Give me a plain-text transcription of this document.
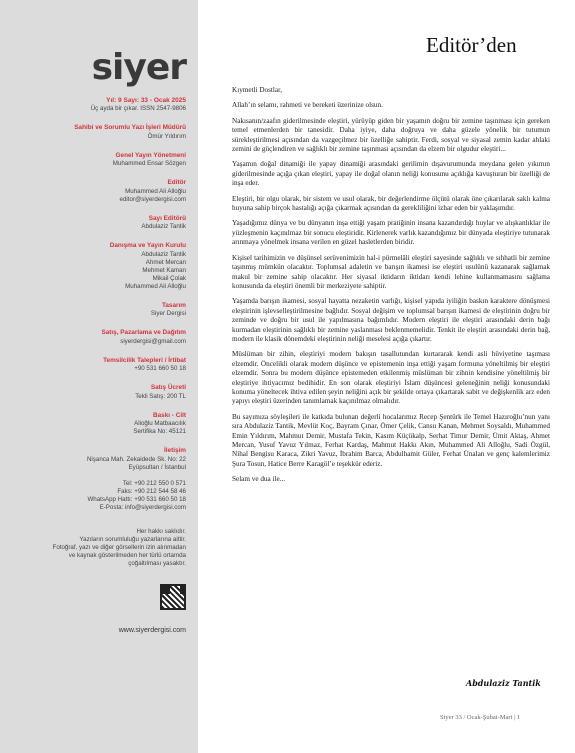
siyer
Yıl: 9 Sayı: 33 - Ocak 2025
Üç ayda bir çıkar. ISSN 2547-9806
Sahibi ve Sorumlu Yazı İşleri Müdürü
Ömür Yıldırım
Genel Yayın Yönetmeni
Muhammed Ensar Sözgen
Editör
Muhammed Ali Alloğlu
editor@siyerdergisi.com
Sayı Editörü
Abdulaziz Tantik
Danışma ve Yayın Kurulu
Abdulaziz Tantik
Ahmet Mercan
Mehmet Kaman
Mikail Çolak
Muhammed Ali Alloğlu
Tasarım
Siyer Dergisi
Satış, Pazarlama ve Dağıtım
siyerdergisi@gmail.com
Temsilcilik Talepleri / İrtibat
+90 531 660 50 18
Satış Ücreti
Tekli Satış: 200 TL
Baskı - Cilt
Alioğlu Matbaacılık
Sertifika No: 45121
İletişim
Nişanca Mah. Zekaidede Sk. No: 22
Eyüpsultan / İstanbul

Tel: +90 212 550 0 571
Faks: +90 212 544 58 46
WhatsApp Hattı: +90 531 660 50 18
E-Posta: info@siyerdergisi.com
Her hakkı saklıdır.
Yazıların sorumluluğu yazarlarına aittir.
Fotoğraf, yazı ve diğer görsellerin izin alınmadan
ve kaynak gösterilmeden her türlü ortamda
çoğaltılması yasaktır.
www.siyerdergisi.com
Editör’den

Kıymetli Dostlar,

Allah’ın selamı, rahmeti ve bereketi üzerinize olsun.

Nakısanın/zaafın giderilmesinde eleştiri, yürüyüp giden bir yaşamın doğru bir zemine taşınması için gereken temel etmenlerden bir tanesidir. Daha iyiye, daha doğruya ve daha güzele yönelik bir tutumun sürekleştirilmesi açısından da vazgeçilmez bir özelliğe sahiptir. Ferdi, sosyal ve siyasal zemin kadar ahlaki zemini de güçlendiren ve sağlıklı bir zemine taşınması açısından da elzem bir olgudur eleştiri...

Yaşamın doğal dinamiği ile yapay dinamiği arasındaki gerilimin dışavurumunda meydana gelen yıkımın giderilmesinde açığa çıkan eleştiri, yapay ile doğal olanın neliği konusunu açıklığa kavuşturan bir özelliği de inşa eder.

Eleştiri, bir olgu olarak, bir sistem ve usul olarak, bir değerlendirme ölçütü olarak öne çıkarılarak saklı kalma huyuna sahip birçok hastalığı açığa çıkarmak açısından da gerekliliğini izhar eden bir yaklaşımdır.

Yaşadığımız dünya ve bu dünyanın inşa ettiği yaşam pratiğinin insana kazandırdığı huylar ve alışkanlıklar ile yüzleşmenin kaçınılmaz bir sonucu eleştiridir. Kirlenerek varlık kazandığımız bir dünyada eleştiriye tutunarak arınmaya yönelmek insana verilen en güzel hasletlerden biridir.

Kişisel tarihimizin ve düşünsel serüvenimizin hal-i pürmelâli eleştiri sayesinde sağlıklı ve sıhhatli bir zemine taşınmış mümkün olacaktır. Toplumsal adaletin ve barışın ikamesi ise eleştiri usulünü kazanarak sağlamak makul bir zemine sahip olacaktır. Her siyasal iktidarın iktidarı kendi lehine kullanmamasını sağlama konusunda da eleştiri önemli bir merkeziyete sahiptir.

Yaşamda barışın ikamesi, sosyal hayatta nezaketin varlığı, kişisel yapıda iyiliğin baskın karaktere dönüşmesi eleştirinin işlevselleştirilmesine bağlıdır. Sosyal değişim ve toplumsal barışın ikamesi de eleştirinin doğru bir zeminde ve doğru bir usul ile yapılmasına bağımlıdır. Modern eleştiri ile eleştiri arasındaki derin bağı kurmadan eleştirinin sağlıklı bir zemine yaslanması beklenmemelidir. Tenkit ile eleştiri arasındaki derin bağ, modern ile klasik dönemdeki eleştirinin neliği meselesi açığa çıkartır.

Müslüman bir zihin, eleştiriyi modern bakışın tasallutundan kurtararak kendi asli hüviyetine taşıması elzemdir. Öncelikli olarak modern düşünce ve epistemenin inşa ettiği yaşam formuna yöneltilmiş bir eleştiri elzemdir. Sonra bu modern düşünce epistemeden etkilenmiş müslüman bir zihnin kendisine yöneltilmiş bir eleştiriye ihtiyacımız bedihidir. En son olarak eleştiriyi İslam düşüncesi geleneğinin neliği konusundaki konuma yöneltecek ihtiva edilen şeyin neliğini açık bir şekilde ortaya çıkartarak sabit ve değişkenlik arz eden yapıyı eleştiri üzerinden tanımlamak kaçınılmaz olmalıdır.

Bu sayımıza söyleşileri ile katkıda bulunan değerli hocalarımız Recep Şentürk ile Temel Hazıroğlu’nun yanı sıra Abdulaziz Tantik, Mevlüt Koç, Bayram Çınar, Ömer Çelik, Cansu Kanan, Mehmet Soysaldı, Muhammed Emin Yıldırım, Mahmut Demir, Mustafa Tekin, Kasım Küçükalp, Serhat Timur Demir, Ümit Aktaş, Ahmet Mercan, Yusuf Yavuz Yılmaz, Ferhat Kardaş, Mahmut Hakkı Akın, Muhammed Ali Alloğlu, Sadi Özgül, Nihal Bengisu Karaca, Zikri Yavuz, İbrahim Barca, Abdulhamit Güler, Ferhat Ünalan ve genç kalemlerimiz Şura Tosun, Hatice Berre Karagöl’e teşekkür ederiz.

Selam ve dua ile...

Abdulaziz Tantik
Siyer 33 / Ocak-Şubat-Mart | 1
